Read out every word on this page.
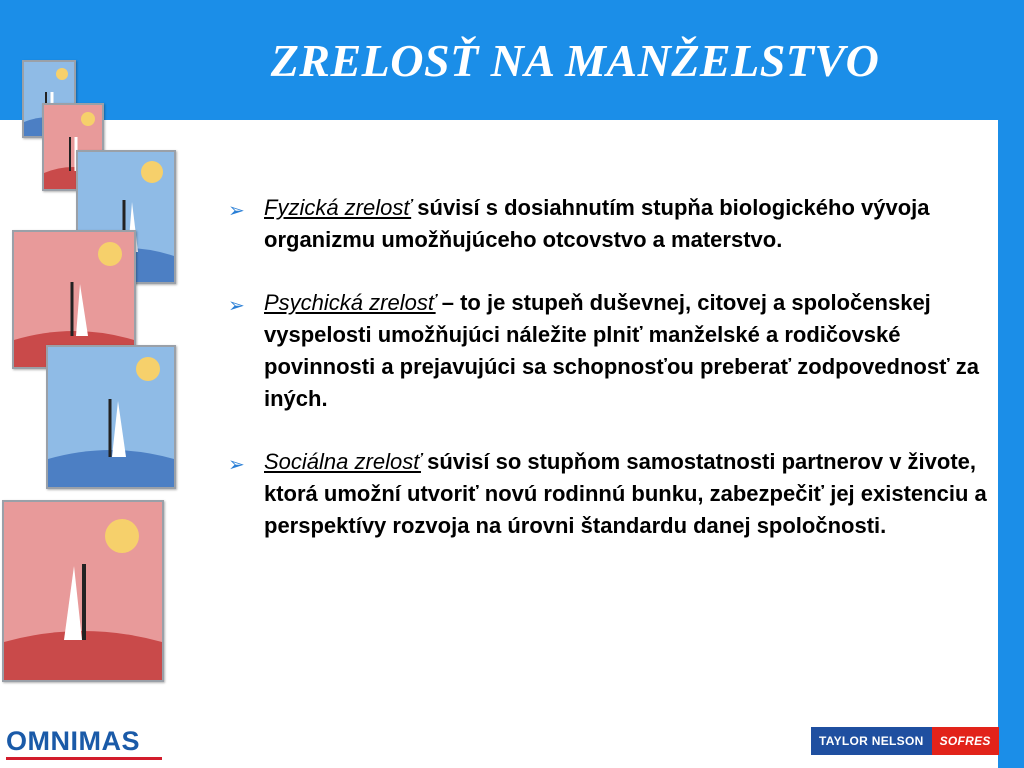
ZRELOSŤ NA MANŽELSTVO
➢ Fyzická zrelosť súvisí s dosiahnutím stupňa biologického vývoja organizmu umožňujúceho otcovstvo a materstvo.
➢ Psychická zrelosť – to je stupeň duševnej, citovej a spoločenskej vyspelosti umožňujúci náležite plniť manželské a rodičovské povinnosti a prejavujúci sa schopnosťou preberať zodpovednosť za iných.
➢ Sociálna zrelosť súvisí so stupňom samostatnosti partnerov v živote, ktorá umožní utvoriť novú rodinnú bunku, zabezpečiť jej existenciu a perspektívy rozvoja na úrovni štandardu danej spoločnosti.
OMNIMAS	TAYLOR NELSON	SOFRES
